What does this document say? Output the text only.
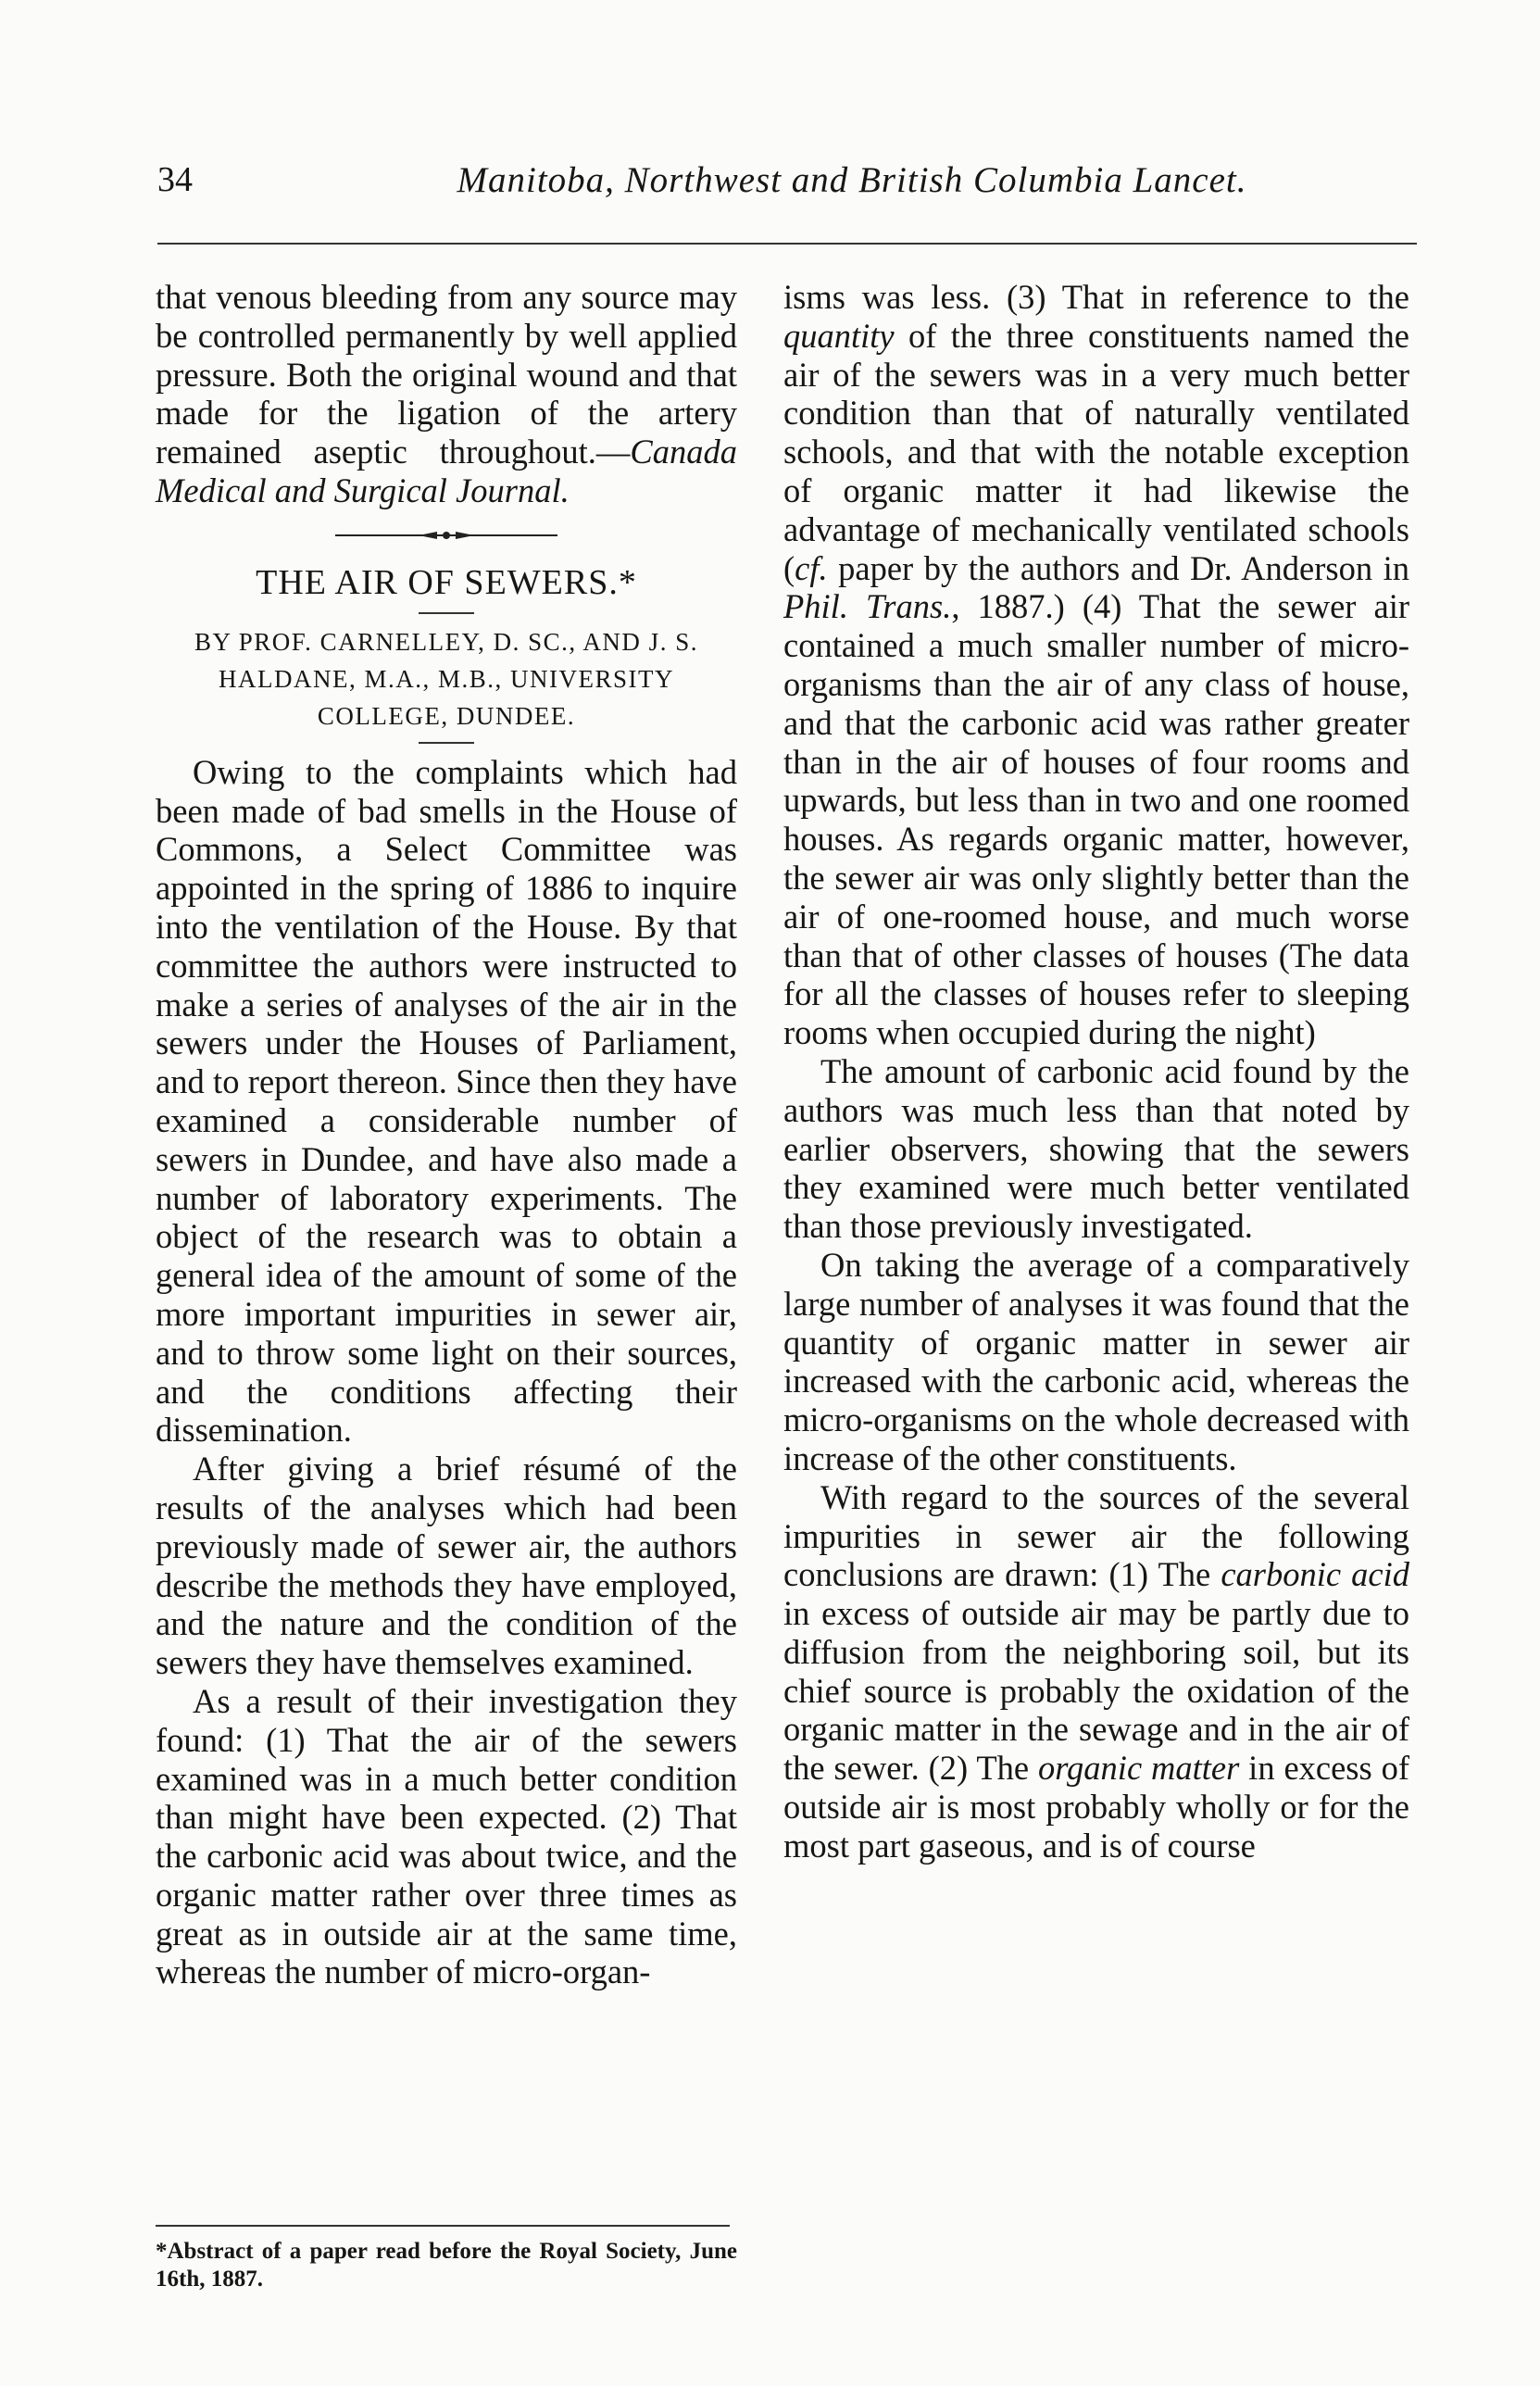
34	Manitoba, Northwest and British Columbia Lancet.

that venous bleeding from any source may be controlled permanently by well applied pressure. Both the original wound and that made for the ligation of the artery remained aseptic throughout.—Canada Medical and Surgical Journal.

THE AIR OF SEWERS.*
BY PROF. CARNELLEY, D. SC., AND J. S. HALDANE, M.A., M.B., UNIVERSITY COLLEGE, DUNDEE.

Owing to the complaints which had been made of bad smells in the House of Commons, a Select Committee was appointed in the spring of 1886 to inquire into the ventilation of the House. By that committee the authors were instructed to make a series of analyses of the air in the sewers under the Houses of Parliament, and to report thereon. Since then they have examined a considerable number of sewers in Dundee, and have also made a number of laboratory experiments. The object of the research was to obtain a general idea of the amount of some of the more important impurities in sewer air, and to throw some light on their sources, and the conditions affecting their dissemination.

After giving a brief résumé of the results of the analyses which had been previously made of sewer air, the authors describe the methods they have employed, and the nature and the condition of the sewers they have themselves examined.

As a result of their investigation they found: (1) That the air of the sewers examined was in a much better condition than might have been expected. (2) That the carbonic acid was about twice, and the organic matter rather over three times as great as in outside air at the same time, whereas the number of micro-organ-

*Abstract of a paper read before the Royal Society, June 16th, 1887.

isms was less. (3) That in reference to the quantity of the three constituents named the air of the sewers was in a very much better condition than that of naturally ventilated schools, and that with the notable exception of organic matter it had likewise the advantage of mechanically ventilated schools (cf. paper by the authors and Dr. Anderson in Phil. Trans., 1887.) (4) That the sewer air contained a much smaller number of micro-organisms than the air of any class of house, and that the carbonic acid was rather greater than in the air of houses of four rooms and upwards, but less than in two and one roomed houses. As regards organic matter, however, the sewer air was only slightly better than the air of one-roomed house, and much worse than that of other classes of houses (The data for all the classes of houses refer to sleeping rooms when occupied during the night)

The amount of carbonic acid found by the authors was much less than that noted by earlier observers, showing that the sewers they examined were much better ventilated than those previously investigated.

On taking the average of a comparatively large number of analyses it was found that the quantity of organic matter in sewer air increased with the carbonic acid, whereas the micro-organisms on the whole decreased with increase of the other constituents.

With regard to the sources of the several impurities in sewer air the following conclusions are drawn: (1) The carbonic acid in excess of outside air may be partly due to diffusion from the neighboring soil, but its chief source is probably the oxidation of the organic matter in the sewage and in the air of the sewer. (2) The organic matter in excess of outside air is most probably wholly or for the most part gaseous, and is of course
